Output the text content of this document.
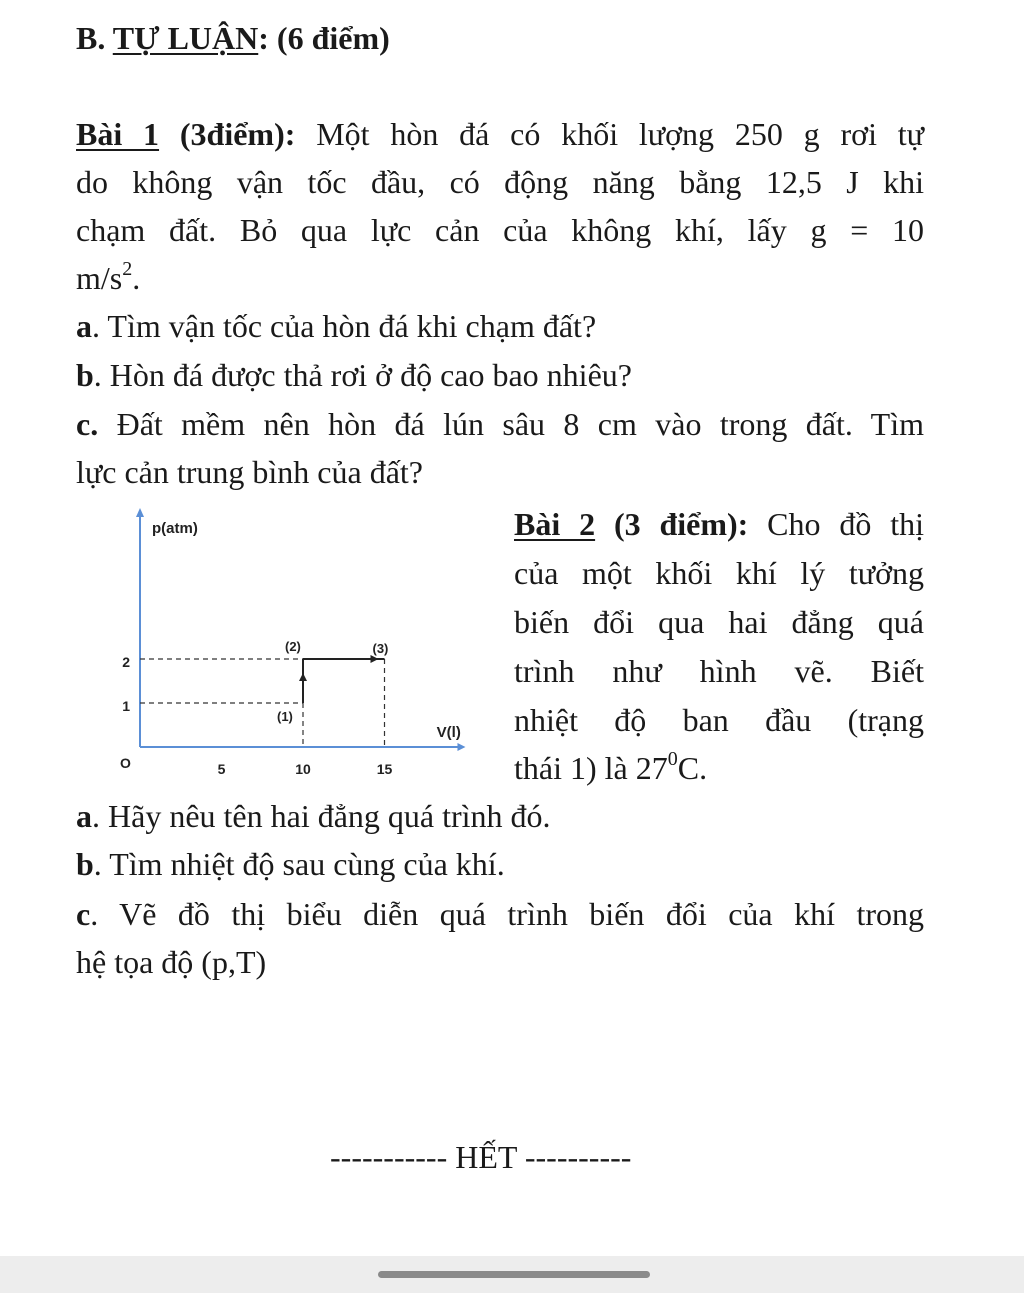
B. TỰ LUẬN: (6 điểm)
Bài 1 (3điểm): Một hòn đá có khối lượng 250 g rơi tự
do không vận tốc đầu, có động năng bằng 12,5 J khi
chạm đất. Bỏ qua lực cản của không khí, lấy g = 10
$m/s^2$.
a. Tìm vận tốc của hòn đá khi chạm đất?
b. Hòn đá được thả rơi ở độ cao bao nhiêu?
c. Đất mềm nên hòn đá lún sâu 8 cm vào trong đất. Tìm
lực cản trung bình của đất?
p(atm)
V(l)
O	5	10	15
1
2
(1)
(2)	(3)
Bài 2 (3 điểm): Cho đồ thị
của một khối khí lý tưởng
biến đổi qua hai đẳng quá
trình như hình vẽ. Biết
nhiệt độ ban đầu (trạng
thái 1) là $27^0C$.
a. Hãy nêu tên hai đẳng quá trình đó.
b. Tìm nhiệt độ sau cùng của khí.
c. Vẽ đồ thị biểu diễn quá trình biến đổi của khí trong
hệ tọa độ (p,T)
----------- HẾT ----------
